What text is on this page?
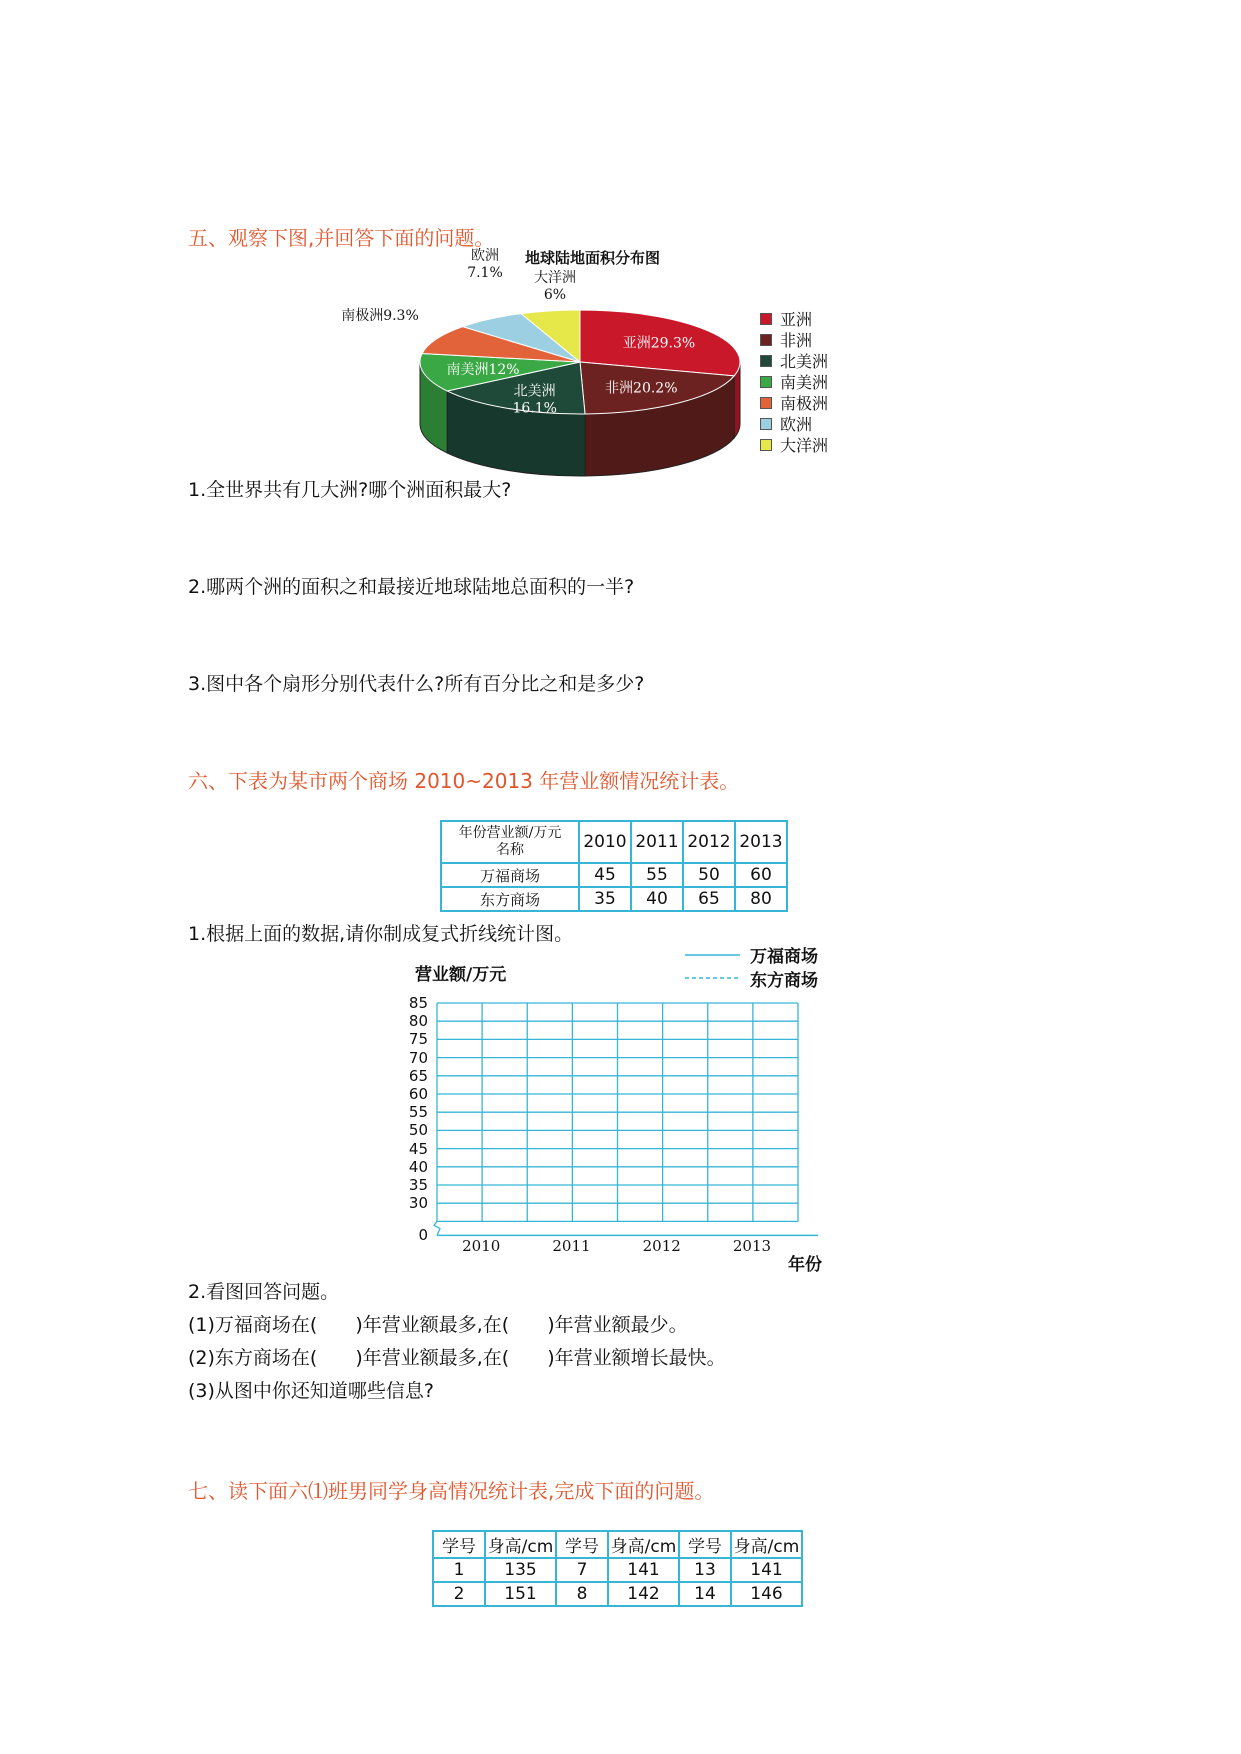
五、观察下图,并回答下面的问题。
地球陆地面积分布图
亚洲29.3%
非洲20.2%
北美洲 16.1%
南美洲12%
南极洲9.3%
欧洲 7.1% 大洋洲 6%
亚洲
非洲
北美洲
南美洲
南极洲
欧洲
大洋洲

1.全世界共有几大洲?哪个洲面积最大?

2.哪两个洲的面积之和最接近地球陆地总面积的一半?

3.图中各个扇形分别代表什么?所有百分比之和是多少?

六、下表为某市两个商场 2010~2013 年营业额情况统计表。
年份营业额/万元
名称	2010	2011	2012	2013
万福商场	45	55	50	60
东方商场	35	40	65	80

1.根据上面的数据,请你制成复式折线统计图。

营业额/万元
万福商场
东方商场
85
80
75
70
65
60
55
50
45
40
35
30
0
2010	2011	2012	2013
年份

2.看图回答问题。

(1)万福商场在(　　)年营业额最多,在(　　)年营业额最少。

(2)东方商场在(　　)年营业额最多,在(　　)年营业额增长最快。

(3)从图中你还知道哪些信息?

七、读下面六⑴班男同学身高情况统计表,完成下面的问题。
学号	身高/cm	学号	身高/cm	学号	身高/cm
1	135	7	141	13	141
2	151	8	142	14	146
